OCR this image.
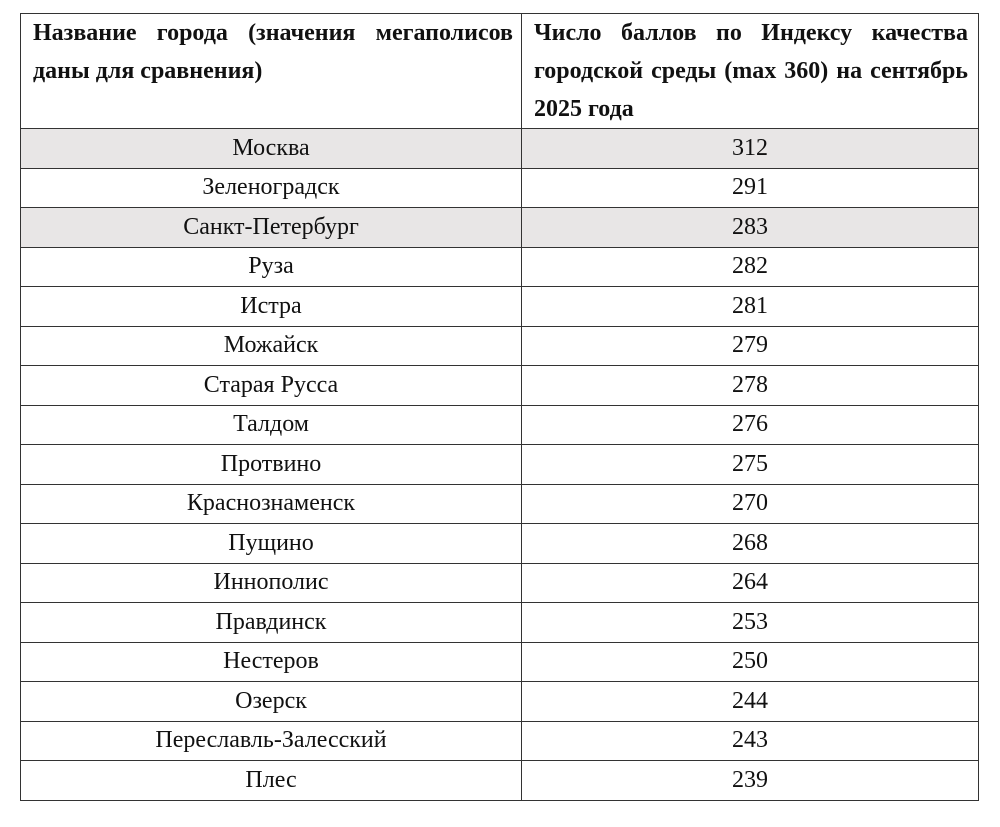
Название города (значения мегаполисов даны для сравнения)	Число баллов по Индексу качества городской среды (max 360) на сентябрь 2025 года
Москва	312
Зеленоградск	291
Санкт-Петербург	283
Руза	282
Истра	281
Можайск	279
Старая Русса	278
Талдом	276
Протвино	275
Краснознаменск	270
Пущино	268
Иннополис	264
Правдинск	253
Нестеров	250
Озерск	244
Переславль-Залесский	243
Плес	239
